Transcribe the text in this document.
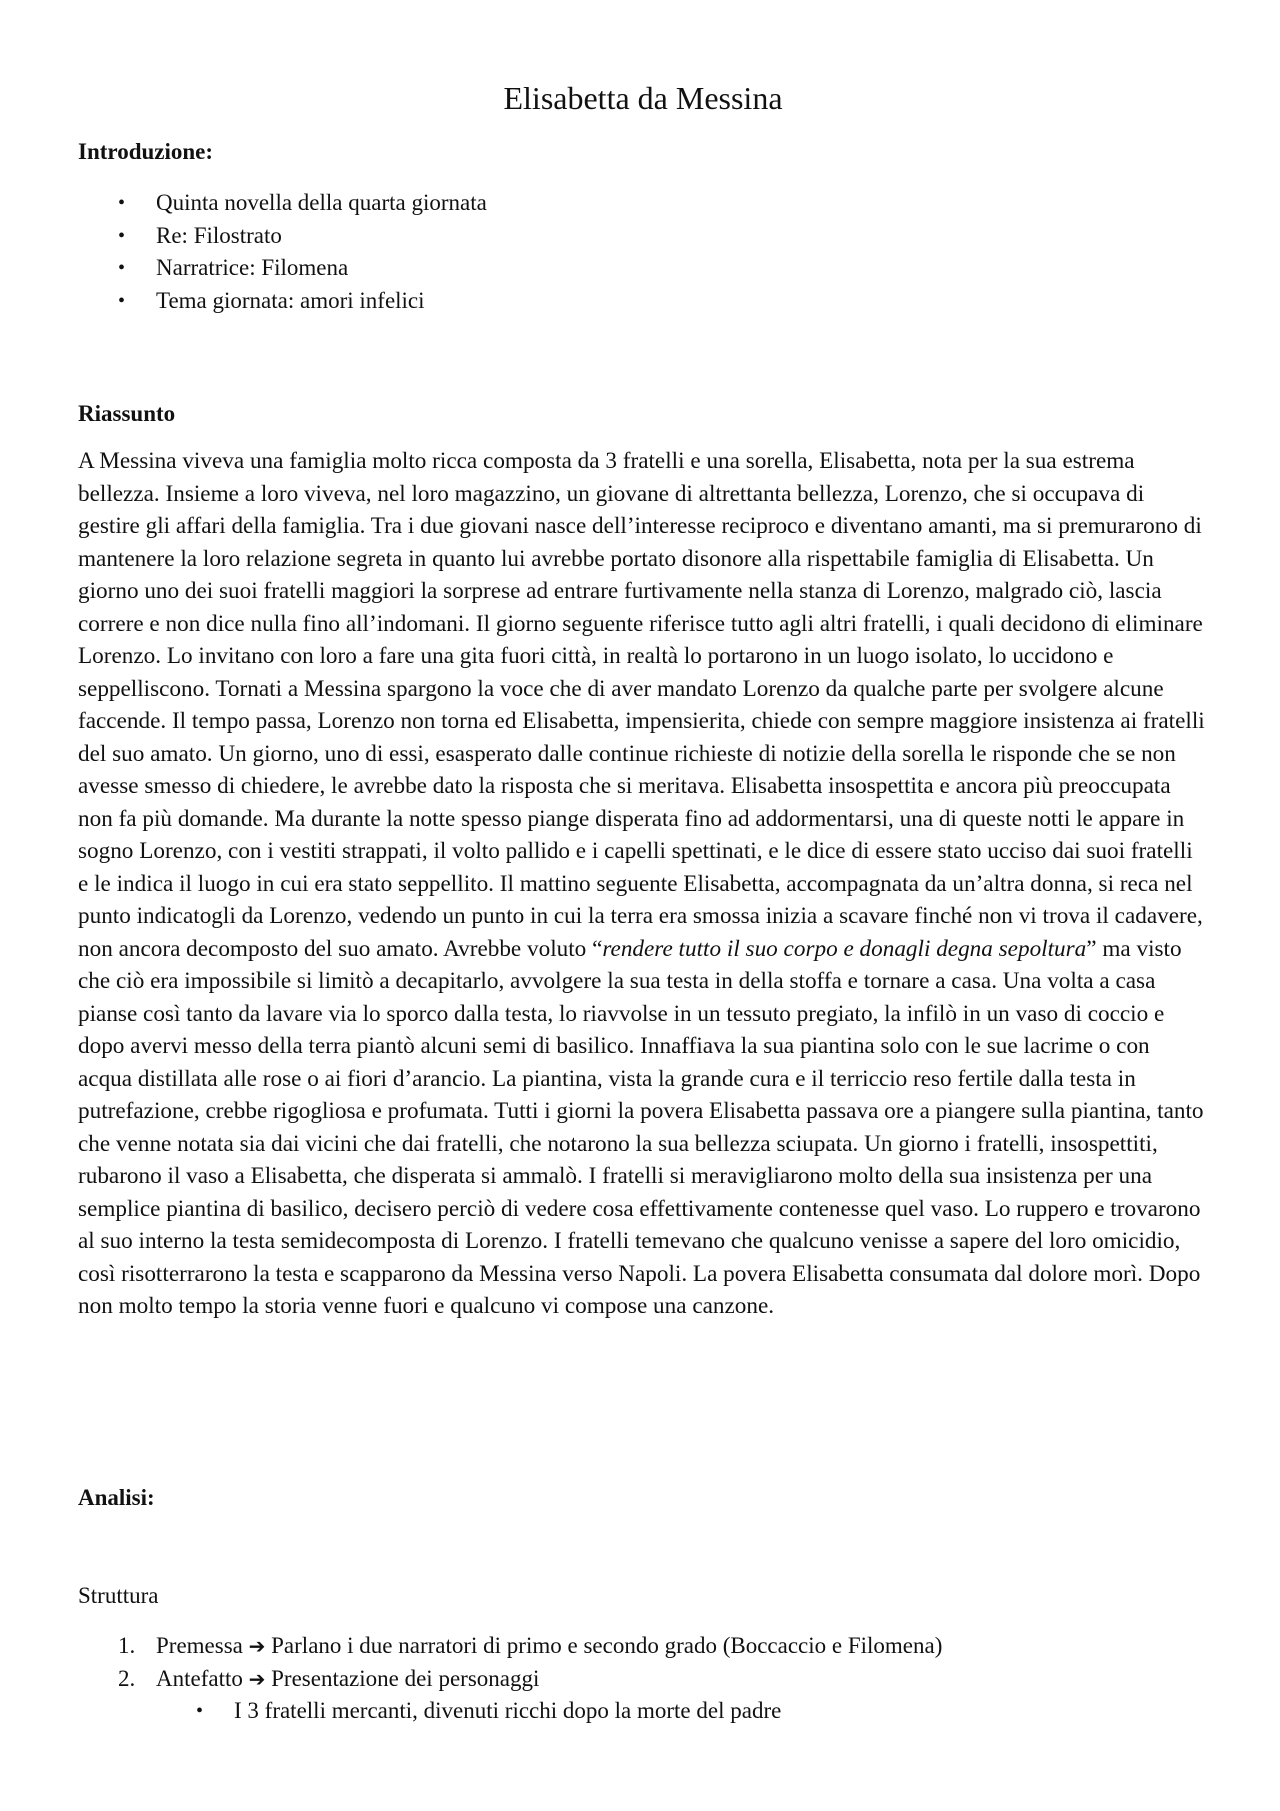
Elisabetta da Messina
Introduzione:
• Quinta novella della quarta giornata
• Re: Filostrato
• Narratrice: Filomena
• Tema giornata: amori infelici
Riassunto

A Messina viveva una famiglia molto ricca composta da 3 fratelli e una sorella, Elisabetta, nota per la sua estrema bellezza. Insieme a loro viveva, nel loro magazzino, un giovane di altrettanta bellezza, Lorenzo, che si occupava di gestire gli affari della famiglia. Tra i due giovani nasce dell’interesse reciproco e diventano amanti, ma si premurarono di mantenere la loro relazione segreta in quanto lui avrebbe portato disonore alla rispettabile famiglia di Elisabetta. Un giorno uno dei suoi fratelli maggiori la sorprese ad entrare furtivamente nella stanza di Lorenzo, malgrado ciò, lascia correre e non dice nulla fino all’indomani. Il giorno seguente riferisce tutto agli altri fratelli, i quali decidono di eliminare Lorenzo. Lo invitano con loro a fare una gita fuori città, in realtà lo portarono in un luogo isolato, lo uccidono e seppelliscono. Tornati a Messina spargono la voce che di aver mandato Lorenzo da qualche parte per svolgere alcune faccende. Il tempo passa, Lorenzo non torna ed Elisabetta, impensierita, chiede con sempre maggiore insistenza ai fratelli del suo amato. Un giorno, uno di essi, esasperato dalle continue richieste di notizie della sorella le risponde che se non avesse smesso di chiedere, le avrebbe dato la risposta che si meritava. Elisabetta insospettita e ancora più preoccupata non fa più domande. Ma durante la notte spesso piange disperata fino ad addormentarsi, una di queste notti le appare in sogno Lorenzo, con i vestiti strappati, il volto pallido e i capelli spettinati, e le dice di essere stato ucciso dai suoi fratelli e le indica il luogo in cui era stato seppellito. Il mattino seguente Elisabetta, accompagnata da un’altra donna, si reca nel punto indicatogli da Lorenzo, vedendo un punto in cui la terra era smossa inizia a scavare finché non vi trova il cadavere, non ancora decomposto del suo amato. Avrebbe voluto “rendere tutto il suo corpo e donagli degna sepoltura” ma visto che ciò era impossibile si limitò a decapitarlo, avvolgere la sua testa in della stoffa e tornare a casa. Una volta a casa pianse così tanto da lavare via lo sporco dalla testa, lo riavvolse in un tessuto pregiato, la infilò in un vaso di coccio e dopo avervi messo della terra piantò alcuni semi di basilico. Innaffiava la sua piantina solo con le sue lacrime o con acqua distillata alle rose o ai fiori d’arancio. La piantina, vista la grande cura e il terriccio reso fertile dalla testa in putrefazione, crebbe rigogliosa e profumata. Tutti i giorni la povera Elisabetta passava ore a piangere sulla piantina, tanto che venne notata sia dai vicini che dai fratelli, che notarono la sua bellezza sciupata. Un giorno i fratelli, insospettiti, rubarono il vaso a Elisabetta, che disperata si ammalò. I fratelli si meravigliarono molto della sua insistenza per una semplice piantina di basilico, decisero perciò di vedere cosa effettivamente contenesse quel vaso. Lo ruppero e trovarono al suo interno la testa semidecomposta di Lorenzo. I fratelli temevano che qualcuno venisse a sapere del loro omicidio, così risotterrarono la testa e scapparono da Messina verso Napoli. La povera Elisabetta consumata dal dolore morì. Dopo non molto tempo la storia venne fuori e qualcuno vi compose una canzone.

Analisi:
Struttura
1. Premessa ➔ Parlano i due narratori di primo e secondo grado (Boccaccio e Filomena)
2. Antefatto ➔ Presentazione dei personaggi
• I 3 fratelli mercanti, divenuti ricchi dopo la morte del padre
